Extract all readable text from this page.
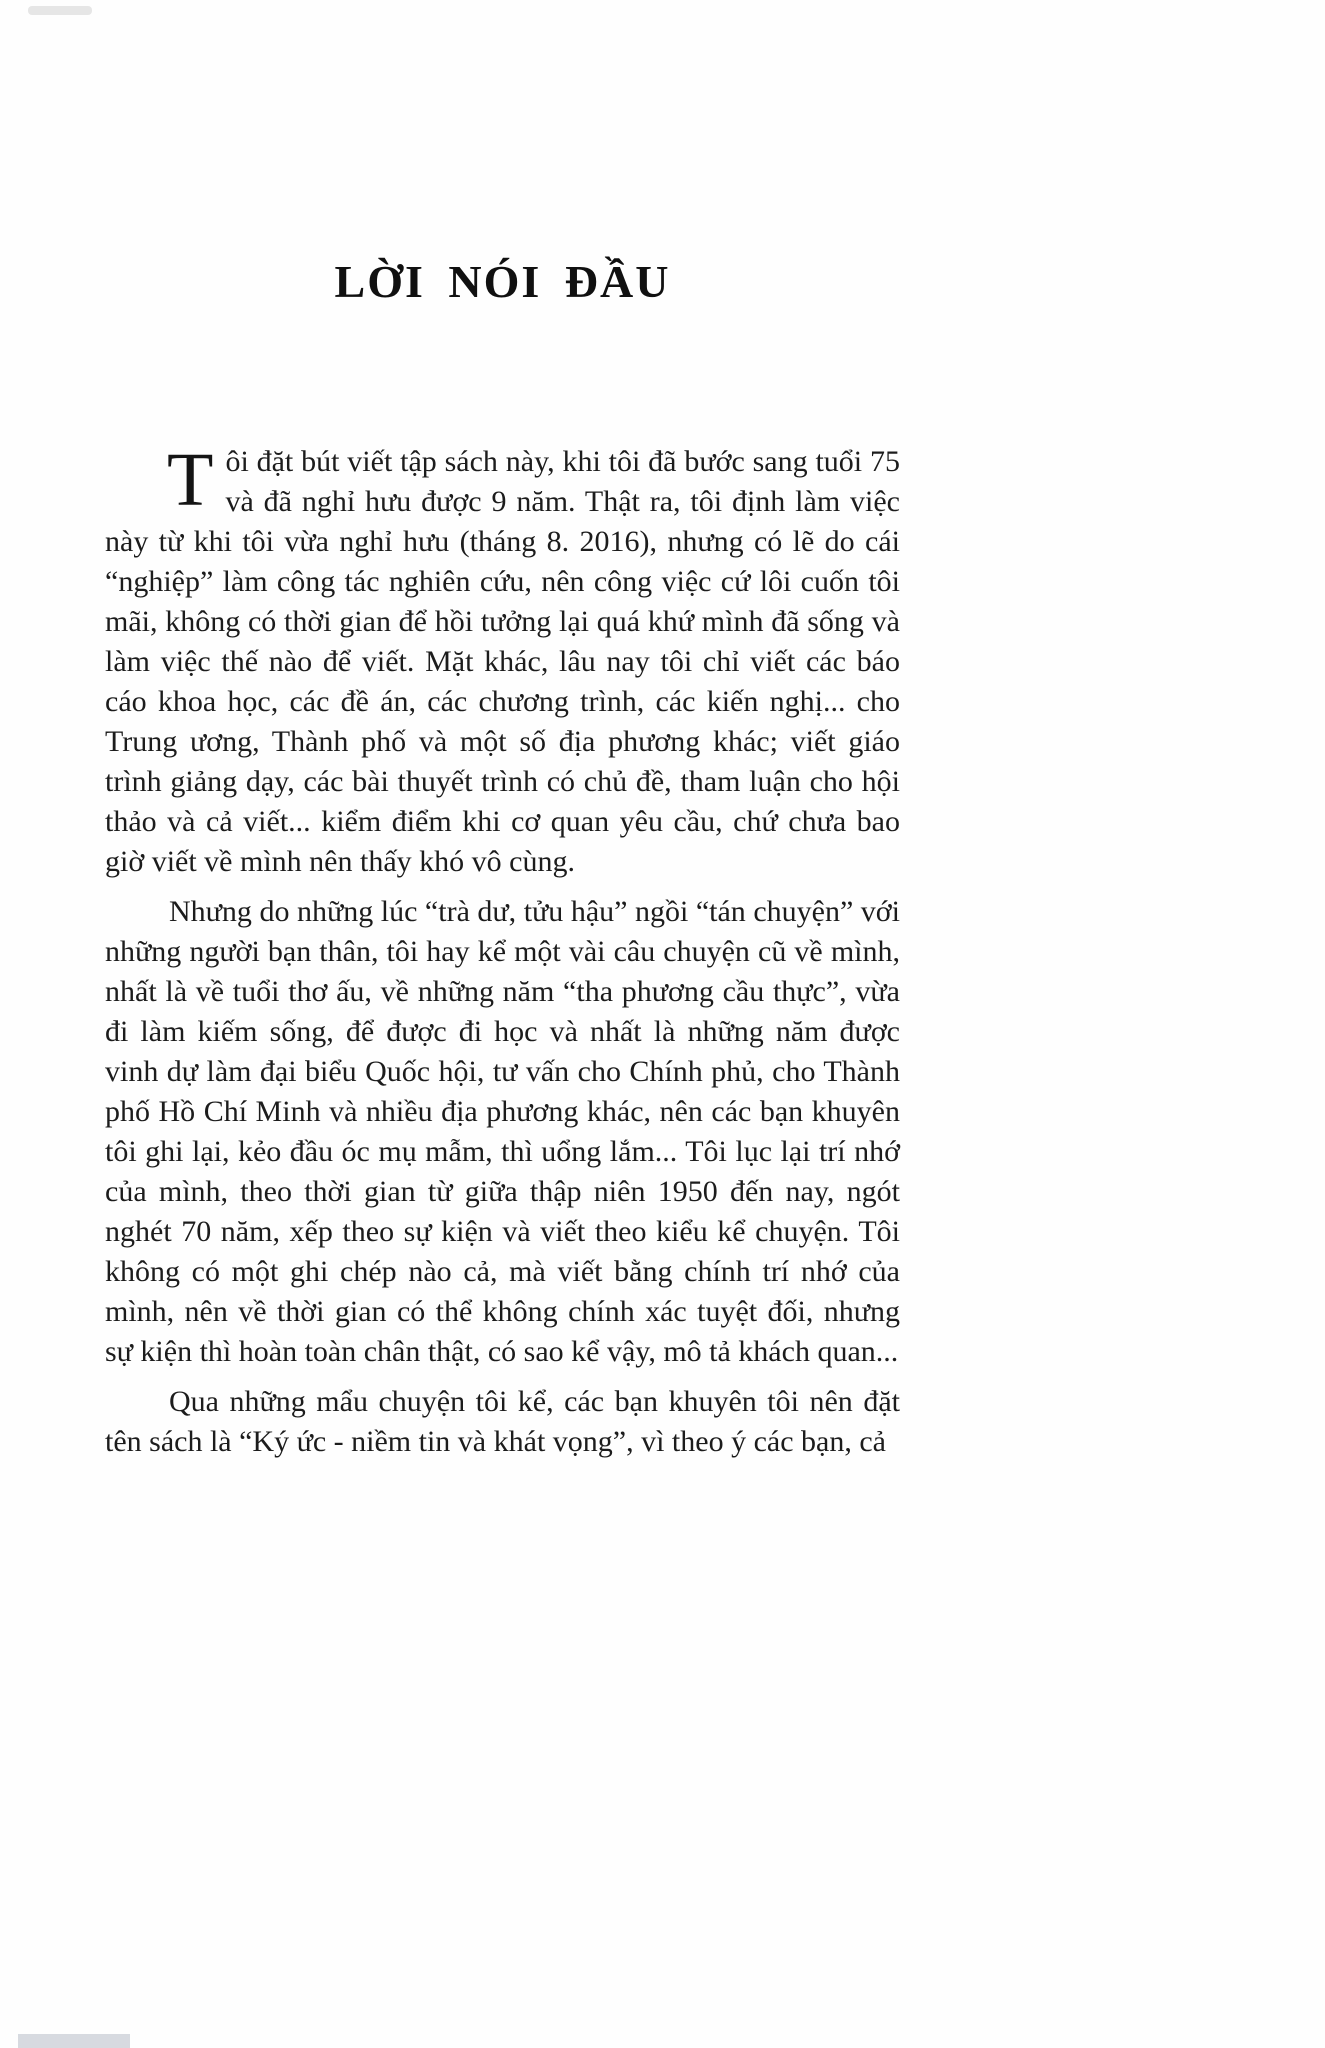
LỜI NÓI ĐẦU

Tôi đặt bút viết tập sách này, khi tôi đã bước sang tuổi 75 và đã nghỉ hưu được 9 năm. Thật ra, tôi định làm việc này từ khi tôi vừa nghỉ hưu (tháng 8. 2016), nhưng có lẽ do cái “nghiệp” làm công tác nghiên cứu, nên công việc cứ lôi cuốn tôi mãi, không có thời gian để hồi tưởng lại quá khứ mình đã sống và làm việc thế nào để viết. Mặt khác, lâu nay tôi chỉ viết các báo cáo khoa học, các đề án, các chương trình, các kiến nghị... cho Trung ương, Thành phố và một số địa phương khác; viết giáo trình giảng dạy, các bài thuyết trình có chủ đề, tham luận cho hội thảo và cả viết... kiểm điểm khi cơ quan yêu cầu, chứ chưa bao giờ viết về mình nên thấy khó vô cùng.

Nhưng do những lúc “trà dư, tửu hậu” ngồi “tán chuyện” với những người bạn thân, tôi hay kể một vài câu chuyện cũ về mình, nhất là về tuổi thơ ấu, về những năm “tha phương cầu thực”, vừa đi làm kiếm sống, để được đi học và nhất là những năm được vinh dự làm đại biểu Quốc hội, tư vấn cho Chính phủ, cho Thành phố Hồ Chí Minh và nhiều địa phương khác, nên các bạn khuyên tôi ghi lại, kẻo đầu óc mụ mẫm, thì uổng lắm... Tôi lục lại trí nhớ của mình, theo thời gian từ giữa thập niên 1950 đến nay, ngót nghét 70 năm, xếp theo sự kiện và viết theo kiểu kể chuyện. Tôi không có một ghi chép nào cả, mà viết bằng chính trí nhớ của mình, nên về thời gian có thể không chính xác tuyệt đối, nhưng sự kiện thì hoàn toàn chân thật, có sao kể vậy, mô tả khách quan...

Qua những mẩu chuyện tôi kể, các bạn khuyên tôi nên đặt tên sách là “Ký ức - niềm tin và khát vọng”, vì theo ý các bạn, cả
